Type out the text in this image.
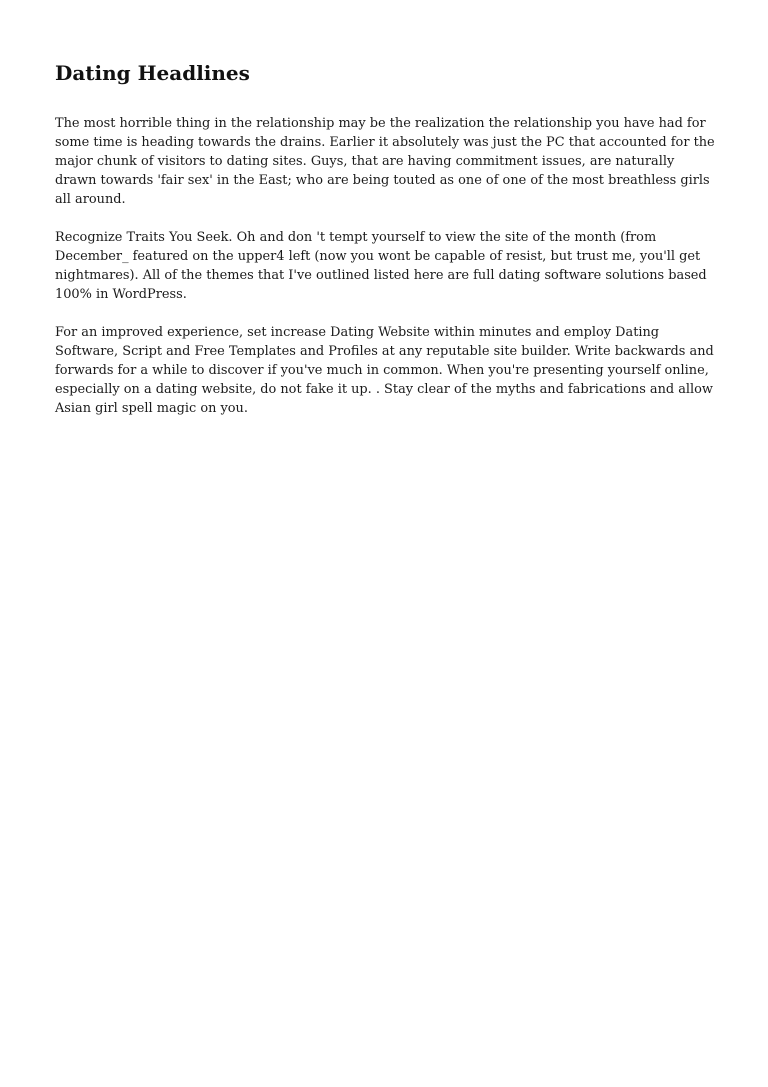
Dating Headlines

The most horrible thing in the relationship may be the realization the relationship you have had for some time is heading towards the drains. Earlier it absolutely was just the PC that accounted for the major chunk of visitors to dating sites. Guys, that are having commitment issues, are naturally drawn towards 'fair sex' in the East; who are being touted as one of one of the most breathless girls all around.

Recognize Traits You Seek. Oh and don 't tempt yourself to view the site of the month (from December_ featured on the upper4 left (now you wont be capable of resist, but trust me, you'll get nightmares). All of the themes that I've outlined listed here are full dating software solutions based 100% in WordPress.

For an improved experience, set increase Dating Website within minutes and employ Dating Software, Script and Free Templates and Profiles at any reputable site builder. Write backwards and forwards for a while to discover if you've much in common. When you're presenting yourself online, especially on a dating website, do not fake it up. . Stay clear of the myths and fabrications and allow Asian girl spell magic on you.
